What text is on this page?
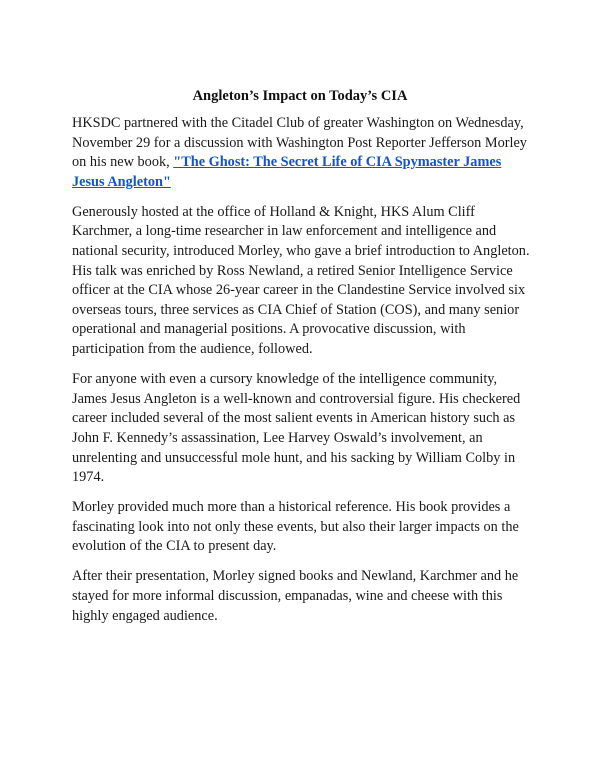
Angleton’s Impact on Today’s CIA

HKSDC partnered with the Citadel Club of greater Washington on Wednesday, November 29 for a discussion with Washington Post Reporter Jefferson Morley on his new book, "The Ghost: The Secret Life of CIA Spymaster James Jesus Angleton"

Generously hosted at the office of Holland & Knight, HKS Alum Cliff Karchmer, a long-time researcher in law enforcement and intelligence and national security, introduced Morley, who gave a brief introduction to Angleton. His talk was enriched by Ross Newland, a retired Senior Intelligence Service officer at the CIA whose 26-year career in the Clandestine Service involved six overseas tours, three services as CIA Chief of Station (COS), and many senior operational and managerial positions. A provocative discussion, with participation from the audience, followed.

For anyone with even a cursory knowledge of the intelligence community, James Jesus Angleton is a well-known and controversial figure. His checkered career included several of the most salient events in American history such as John F. Kennedy’s assassination, Lee Harvey Oswald’s involvement, an unrelenting and unsuccessful mole hunt, and his sacking by William Colby in 1974.

Morley provided much more than a historical reference. His book provides a fascinating look into not only these events, but also their larger impacts on the evolution of the CIA to present day.

After their presentation, Morley signed books and Newland, Karchmer and he stayed for more informal discussion, empanadas, wine and cheese with this highly engaged audience.
